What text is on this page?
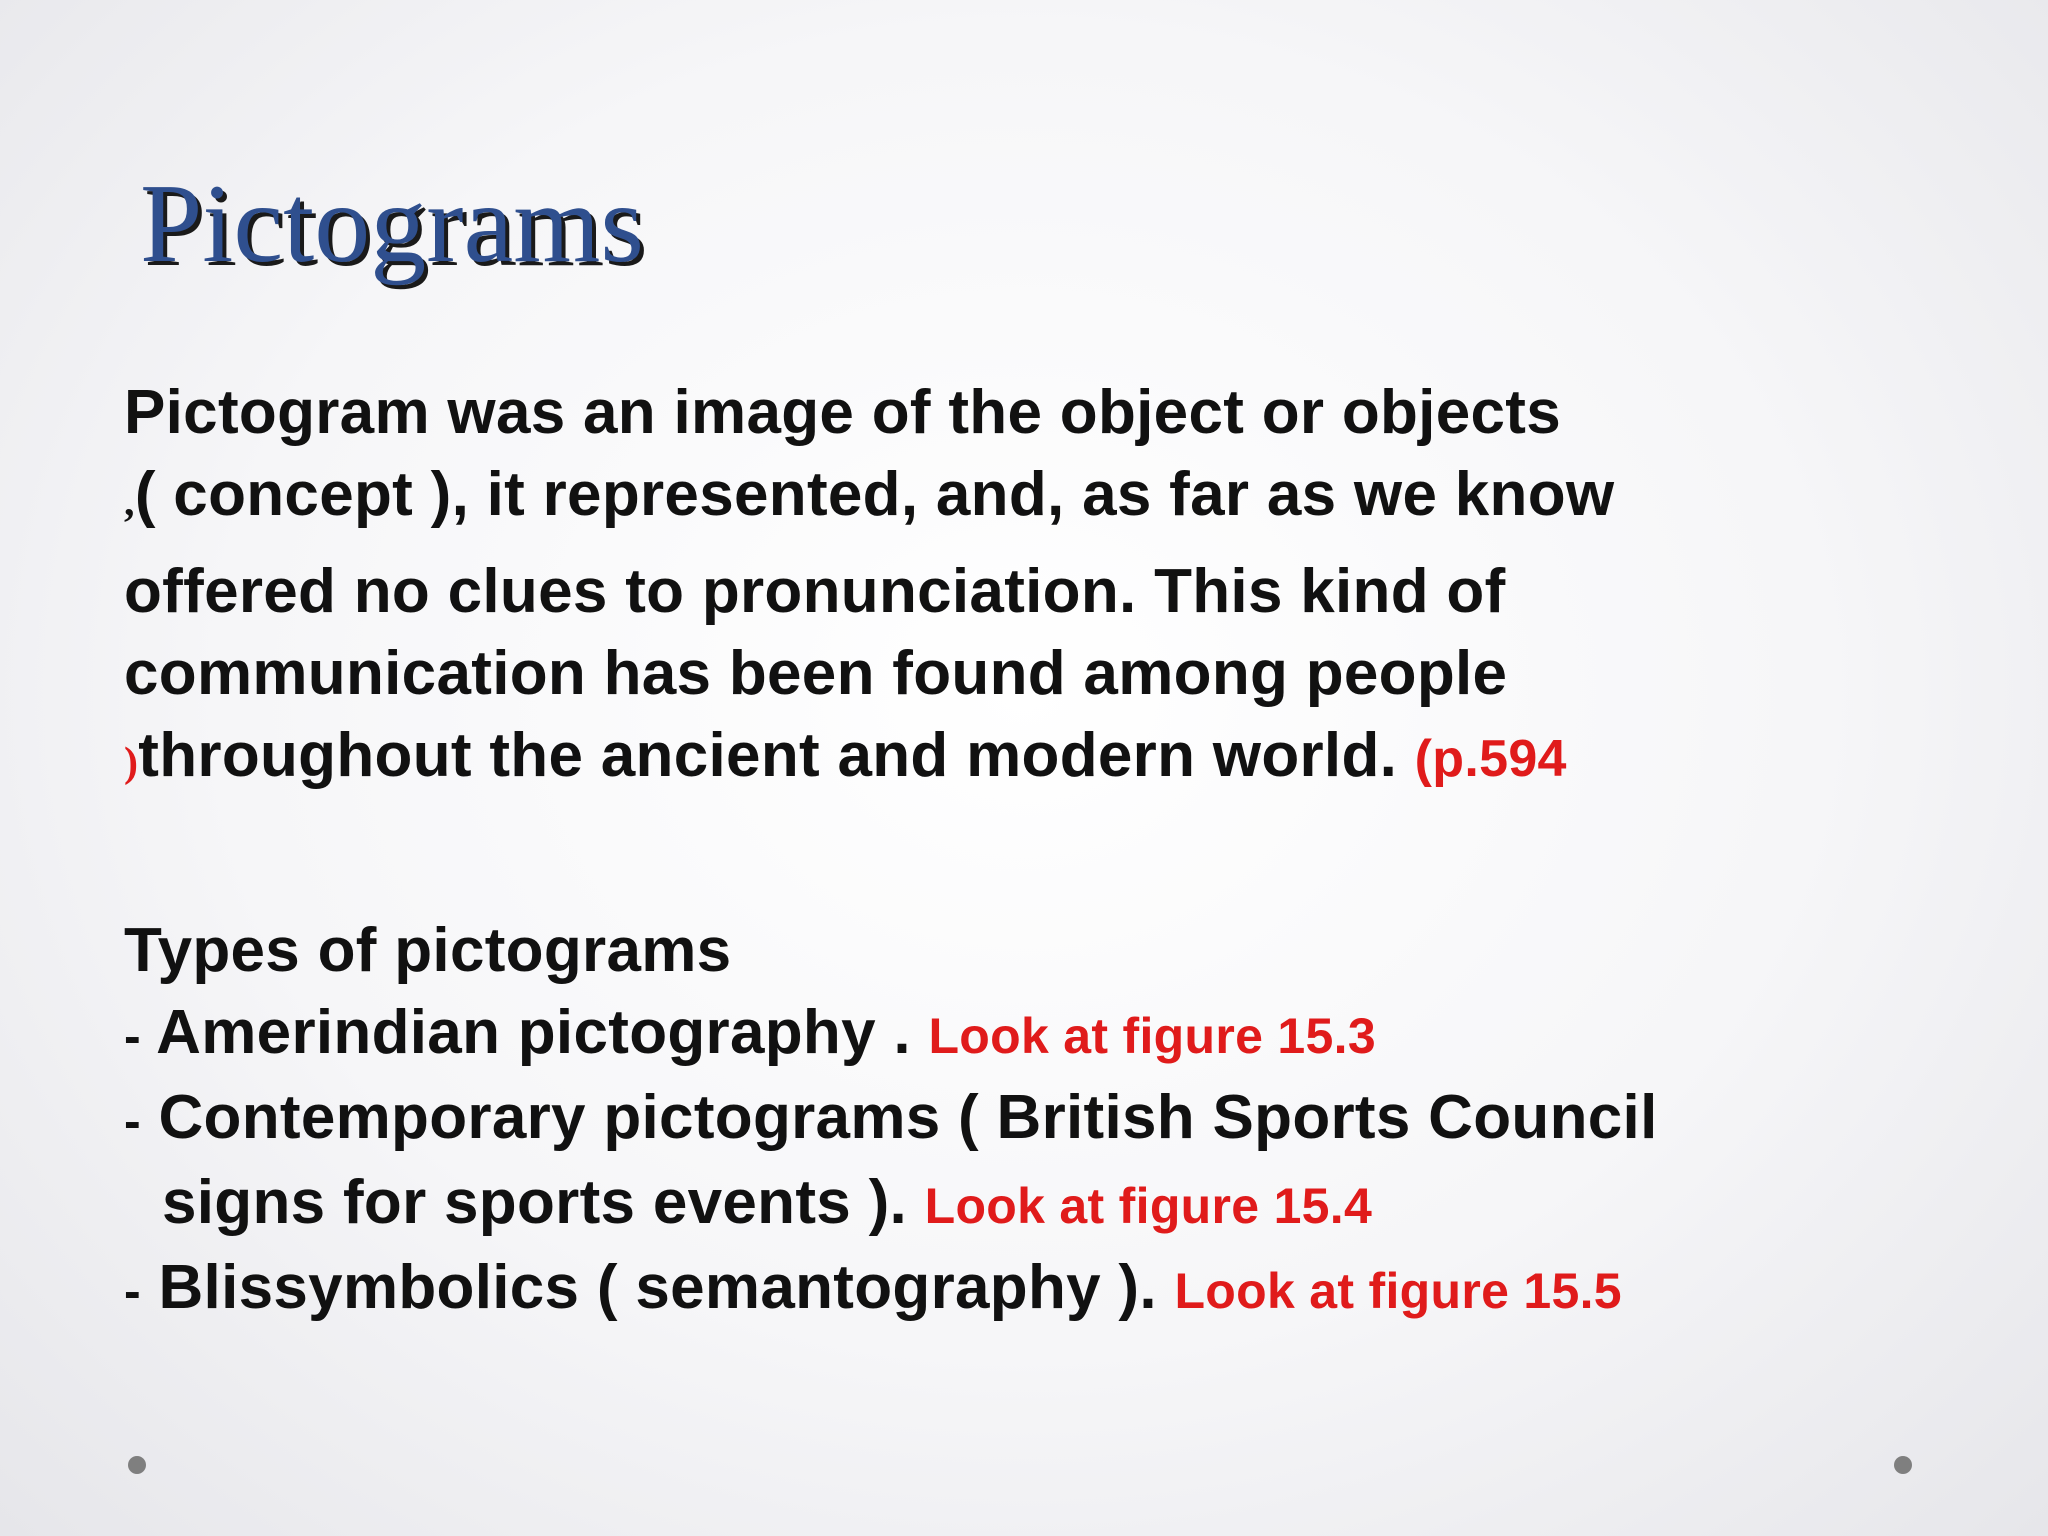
Pictograms
Pictogram was an image of the object or objects
,( concept ), it represented, and, as far as we know
offered no clues to pronunciation. This kind of
communication has been found among people
)throughout the ancient and modern world. (p.594
Types of pictograms
- Amerindian pictography . Look at figure 15.3
- Contemporary pictograms ( British Sports Council
signs for sports events ). Look at figure 15.4
- Blissymbolics ( semantography ). Look at figure 15.5
